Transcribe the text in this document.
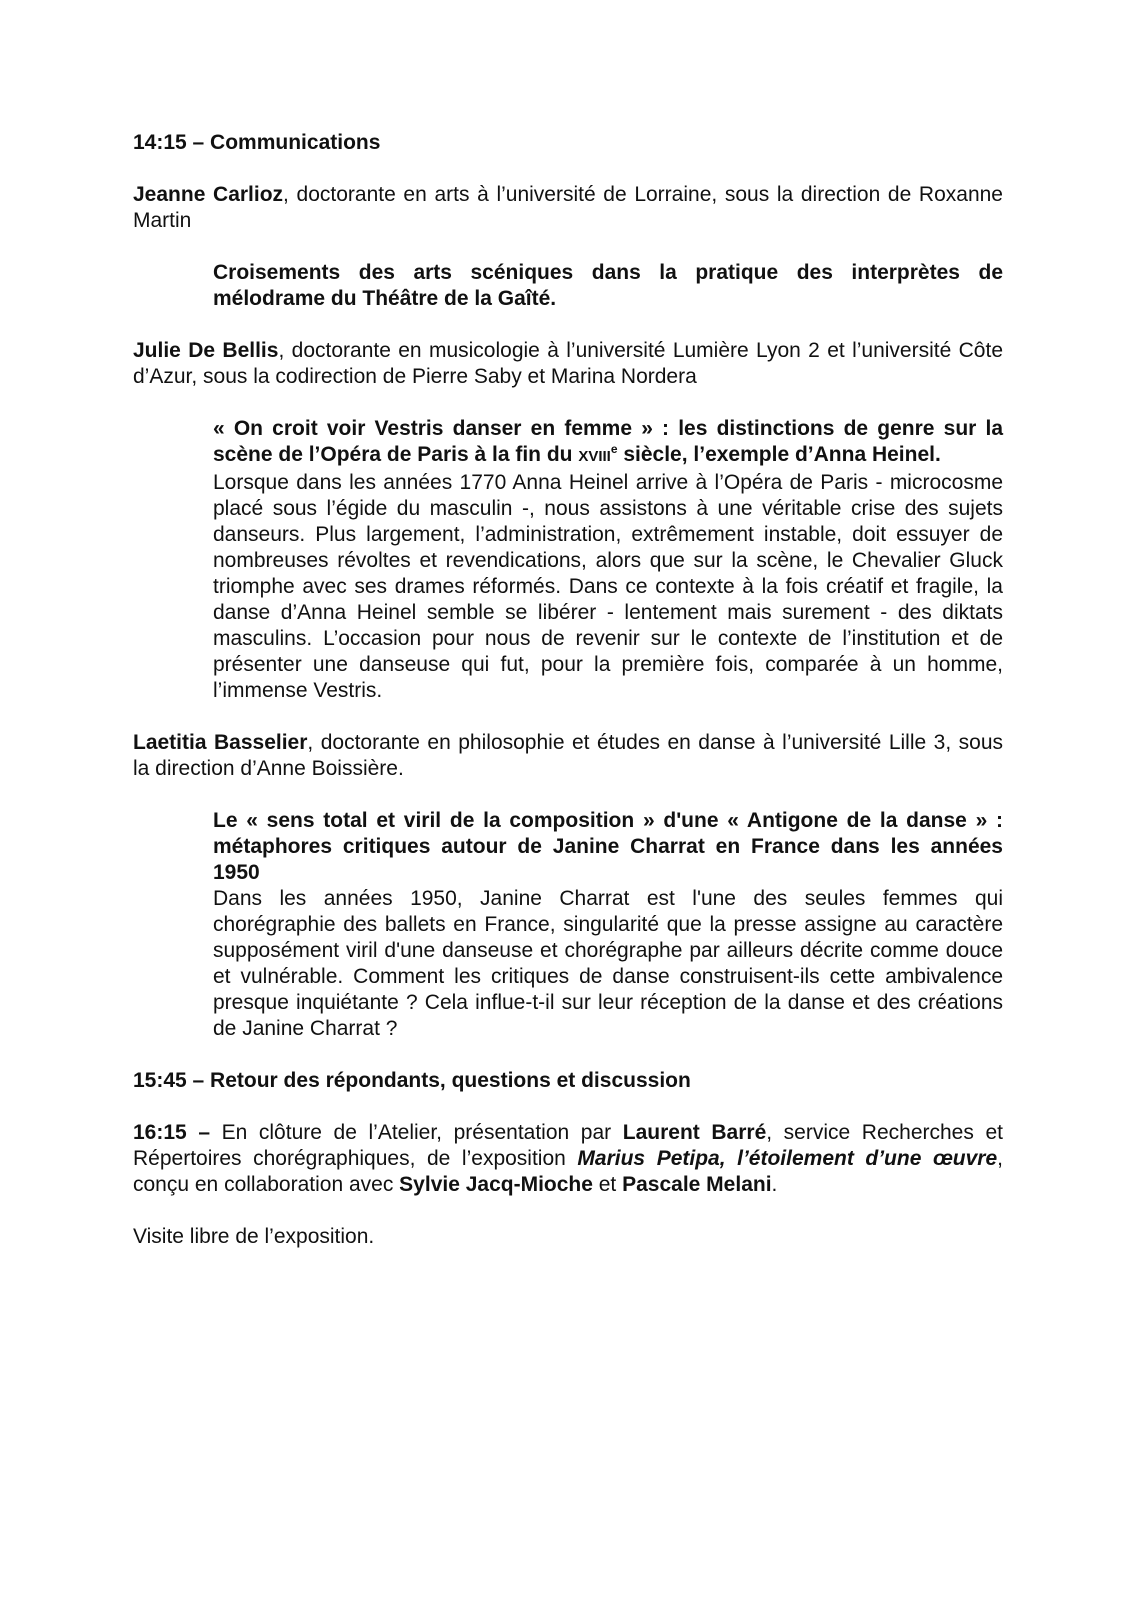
14:15 – Communications

Jeanne Carlioz, doctorante en arts à l’université de Lorraine, sous la direction de Roxanne Martin

Croisements des arts scéniques dans la pratique des interprètes de mélodrame du Théâtre de la Gaîté.

Julie De Bellis, doctorante en musicologie à l’université Lumière Lyon 2 et l’université Côte d’Azur, sous la codirection de Pierre Saby et Marina Nordera

« On croit voir Vestris danser en femme » : les distinctions de genre sur la scène de l’Opéra de Paris à la fin du XVIIIe siècle, l’exemple d’Anna Heinel.

Lorsque dans les années 1770 Anna Heinel arrive à l’Opéra de Paris - microcosme placé sous l’égide du masculin -, nous assistons à une véritable crise des sujets danseurs. Plus largement, l’administration, extrêmement instable, doit essuyer de nombreuses révoltes et revendications, alors que sur la scène, le Chevalier Gluck triomphe avec ses drames réformés. Dans ce contexte à la fois créatif et fragile, la danse d’Anna Heinel semble se libérer - lentement mais surement - des diktats masculins. L’occasion pour nous de revenir sur le contexte de l’institution et de présenter une danseuse qui fut, pour la première fois, comparée à un homme, l’immense Vestris.

Laetitia Basselier, doctorante en philosophie et études en danse à l’université Lille 3, sous la direction d’Anne Boissière.

Le « sens total et viril de la composition » d'une « Antigone de la danse » : métaphores critiques autour de Janine Charrat en France dans les années 1950

Dans les années 1950, Janine Charrat est l'une des seules femmes qui chorégraphie des ballets en France, singularité que la presse assigne au caractère supposément viril d'une danseuse et chorégraphe par ailleurs décrite comme douce et vulnérable. Comment les critiques de danse construisent-ils cette ambivalence presque inquiétante ? Cela influe-t-il sur leur réception de la danse et des créations de Janine Charrat ?

15:45 – Retour des répondants, questions et discussion

16:15 – En clôture de l’Atelier, présentation par Laurent Barré, service Recherches et Répertoires chorégraphiques, de l’exposition Marius Petipa, l’étoilement d’une œuvre, conçu en collaboration avec Sylvie Jacq-Mioche et Pascale Melani.

Visite libre de l’exposition.
